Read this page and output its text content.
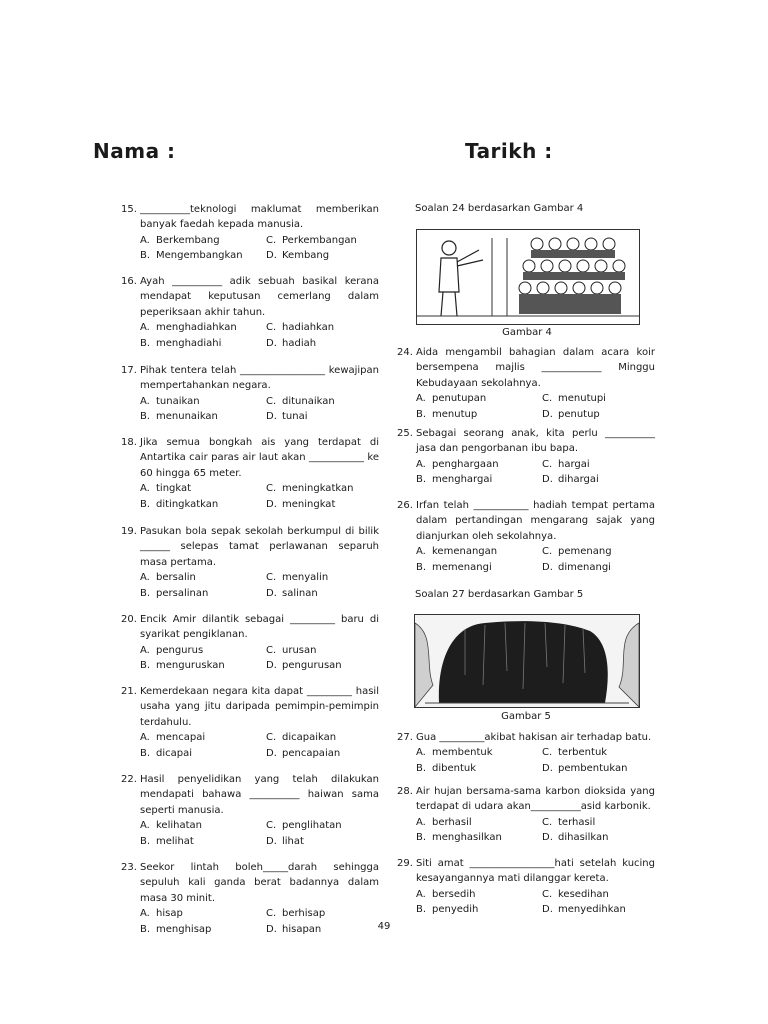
Nama :	Tarikh :
15. __________teknologi maklumat memberikan banyak faedah kepada manusia.
A. Berkembang	C. Perkembangan
B. Mengembangkan	D. Kembang
16. Ayah __________ adik sebuah basikal kerana mendapat keputusan cemerlang dalam peperiksaan akhir tahun.
A. menghadiahkan	C. hadiahkan
B. menghadiahi	D. hadiah
17. Pihak tentera telah _________________ kewajipan mempertahankan negara.
A. tunaikan	C. ditunaikan
B. menunaikan	D. tunai
18. Jika semua bongkah ais yang terdapat di Antartika cair paras air laut akan ___________ ke 60 hingga 65 meter.
A. tingkat	C. meningkatkan
B. ditingkatkan	D. meningkat
19. Pasukan bola sepak sekolah berkumpul di bilik ______ selepas tamat perlawanan separuh masa pertama.
A. bersalin	C. menyalin
B. persalinan	D. salinan
20. Encik Amir dilantik sebagai _________ baru di syarikat pengiklanan.
A. pengurus	C. urusan
B. menguruskan	D. pengurusan
21. Kemerdekaan negara kita dapat _________ hasil usaha yang jitu daripada pemimpin-pemimpin terdahulu.
A. mencapai	C. dicapaikan
B. dicapai	D. pencapaian
22. Hasil penyelidikan yang telah dilakukan mendapati bahawa __________ haiwan sama seperti manusia.
A. kelihatan	C. penglihatan
B. melihat	D. lihat
23. Seekor lintah boleh_____darah sehingga sepuluh kali ganda berat badannya dalam masa 30 minit.
A. hisap	C. berhisap
B. menghisap	D. hisapan
Soalan 24 berdasarkan Gambar 4
Gambar 4
Soalan 27 berdasarkan Gambar 5
Gambar 5
24. Aida mengambil bahagian dalam acara koir bersempena majlis ____________ Minggu Kebudayaan sekolahnya.
A. penutupan	C. menutupi
B. menutup	D. penutup
25. Sebagai seorang anak, kita perlu __________ jasa dan pengorbanan ibu bapa.
A. penghargaan	C. hargai
B. menghargai	D. dihargai
26. Irfan telah ___________ hadiah tempat pertama dalam pertandingan mengarang sajak yang dianjurkan oleh sekolahnya.
A. kemenangan	C. pemenang
B. memenangi	D. dimenangi
27. Gua _________akibat hakisan air terhadap batu.
A. membentuk	C. terbentuk
B. dibentuk	D. pembentukan
28. Air hujan bersama-sama karbon dioksida yang terdapat di udara akan__________asid karbonik.
A. berhasil	C. terhasil
B. menghasilkan	D. dihasilkan
29. Siti amat _________________hati setelah kucing kesayangannya mati dilanggar kereta.
A. bersedih	C. kesedihan
B. penyedih	D. menyedihkan
49
